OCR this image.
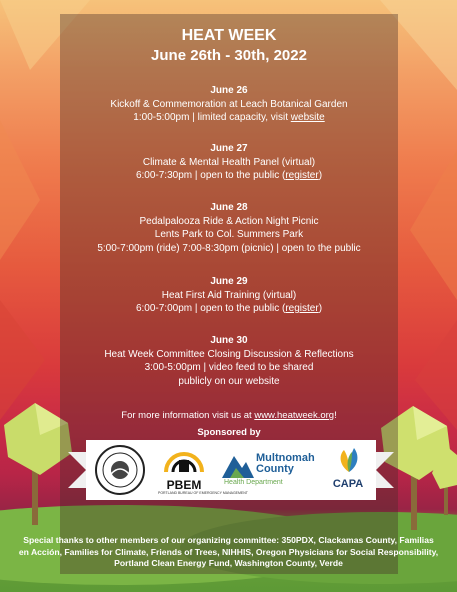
HEAT WEEK
June 26th - 30th, 2022
June 26
Kickoff & Commemoration at Leach Botanical Garden
1:00-5:00pm | limited capacity, visit website
June 27
Climate & Mental Health Panel (virtual)
6:00-7:30pm | open to the public (register)
June 28
Pedalpalooza Ride & Action Night Picnic
Lents Park to Col. Summers Park
5:00-7:00pm (ride) 7:00-8:30pm (picnic) | open to the public
June 29
Heat First Aid Training (virtual)
6:00-7:00pm | open to the public (register)
June 30
Heat Week Committee Closing Discussion & Reflections
3:00-5:00pm | video feed to be shared
publicly on our website
For more information visit us at www.heatweek.org!
Sponsored by
PBEM
PORTLAND BUREAU OF EMERGENCY MANAGEMENT
Multnomah
County
Health Department	CAPA
Special thanks to other members of our organizing committee: 350PDX, Clackamas County, Familias en Acción, Families for Climate, Friends of Trees, NIHHIS, Oregon Physicians for Social Responsibility, Portland Clean Energy Fund, Washington County, Verde
